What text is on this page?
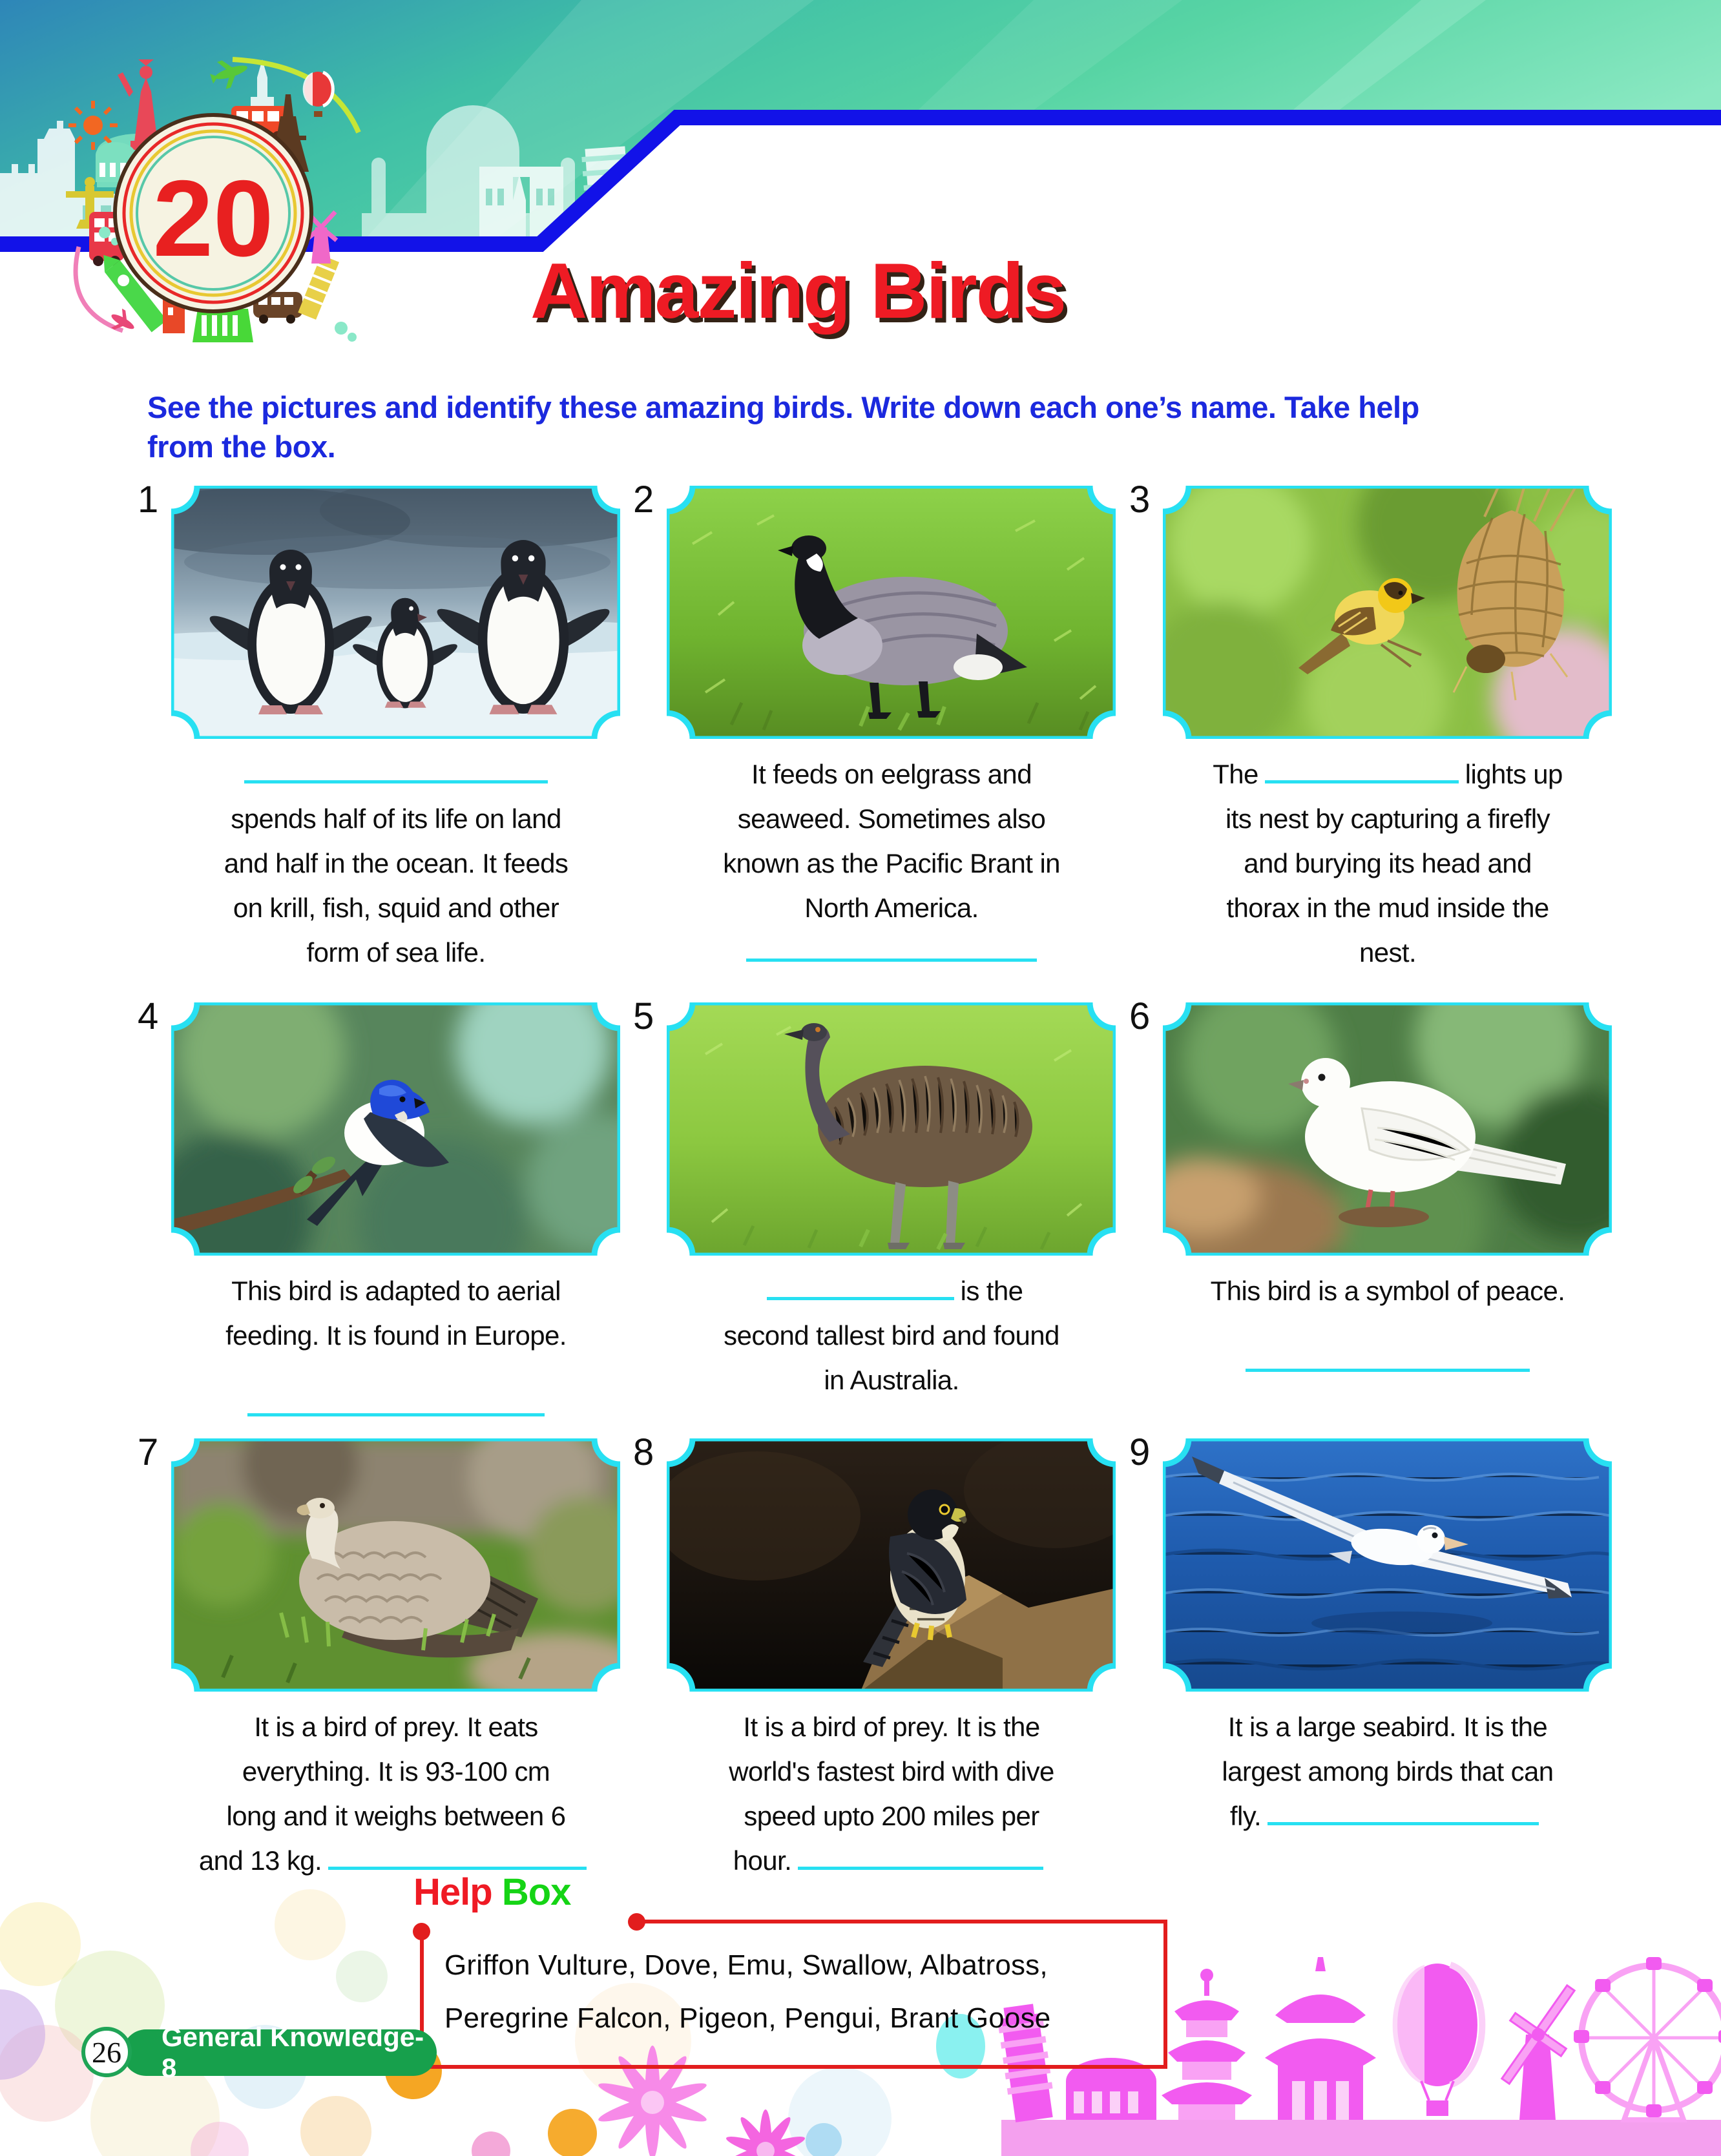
20
Amazing Birds
See the pictures and identify these amazing birds. Write down each one’s name. Take help
from the box.
1
spends half of its life on land
and half in the ocean. It feeds
on krill, fish, squid and other
form of sea life.
2
It feeds on eelgrass and
seaweed. Sometimes also
known as the Pacific Brant in
North America.
3
The	lights up
its nest by capturing a firefly
and burying its head and
thorax in the mud inside the
nest.
4
This bird is adapted to aerial
feeding. It is found in Europe.
5
is the
second tallest bird and found
in Australia.
6
This bird is a symbol of peace.
7
It is a bird of prey. It eats
everything. It is 93-100 cm
long and it weighs between 6
and 13 kg.
8
It is a bird of prey. It is the
world's fastest bird with dive
speed upto 200 miles per
hour.
9
It is a large seabird. It is the
largest among birds that can
fly.
Help Box
Griffon Vulture, Dove, Emu, Swallow, Albatross,
Peregrine Falcon, Pigeon, Pengui, Brant Goose
26 General Knowledge-8
